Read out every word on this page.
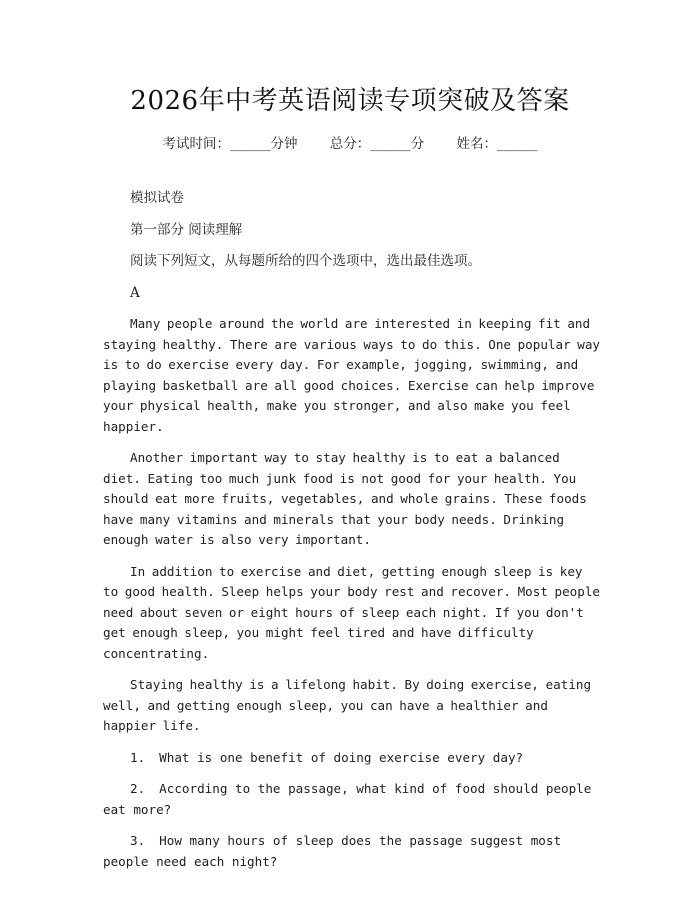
2026年中考英语阅读专项突破及答案
考试时间：______分钟 总分：______分 姓名：______

模拟试卷

第一部分 阅读理解

阅读下列短文，从每题所给的四个选项中，选出最佳选项。

A

Many people around the world are interested in keeping fit and staying healthy. There are various ways to do this. One popular way is to do exercise every day. For example, jogging, swimming, and playing basketball are all good choices. Exercise can help improve your physical health, make you stronger, and also make you feel happier.

Another important way to stay healthy is to eat a balanced diet. Eating too much junk food is not good for your health. You should eat more fruits, vegetables, and whole grains. These foods have many vitamins and minerals that your body needs. Drinking enough water is also very important.

In addition to exercise and diet, getting enough sleep is key to good health. Sleep helps your body rest and recover. Most people need about seven or eight hours of sleep each night. If you don't get enough sleep, you might feel tired and have difficulty concentrating.

Staying healthy is a lifelong habit. By doing exercise, eating well, and getting enough sleep, you can have a healthier and happier life.

1. What is one benefit of doing exercise every day?

2. According to the passage, what kind of food should people eat more?

3. How many hours of sleep does the passage suggest most people need each night?
